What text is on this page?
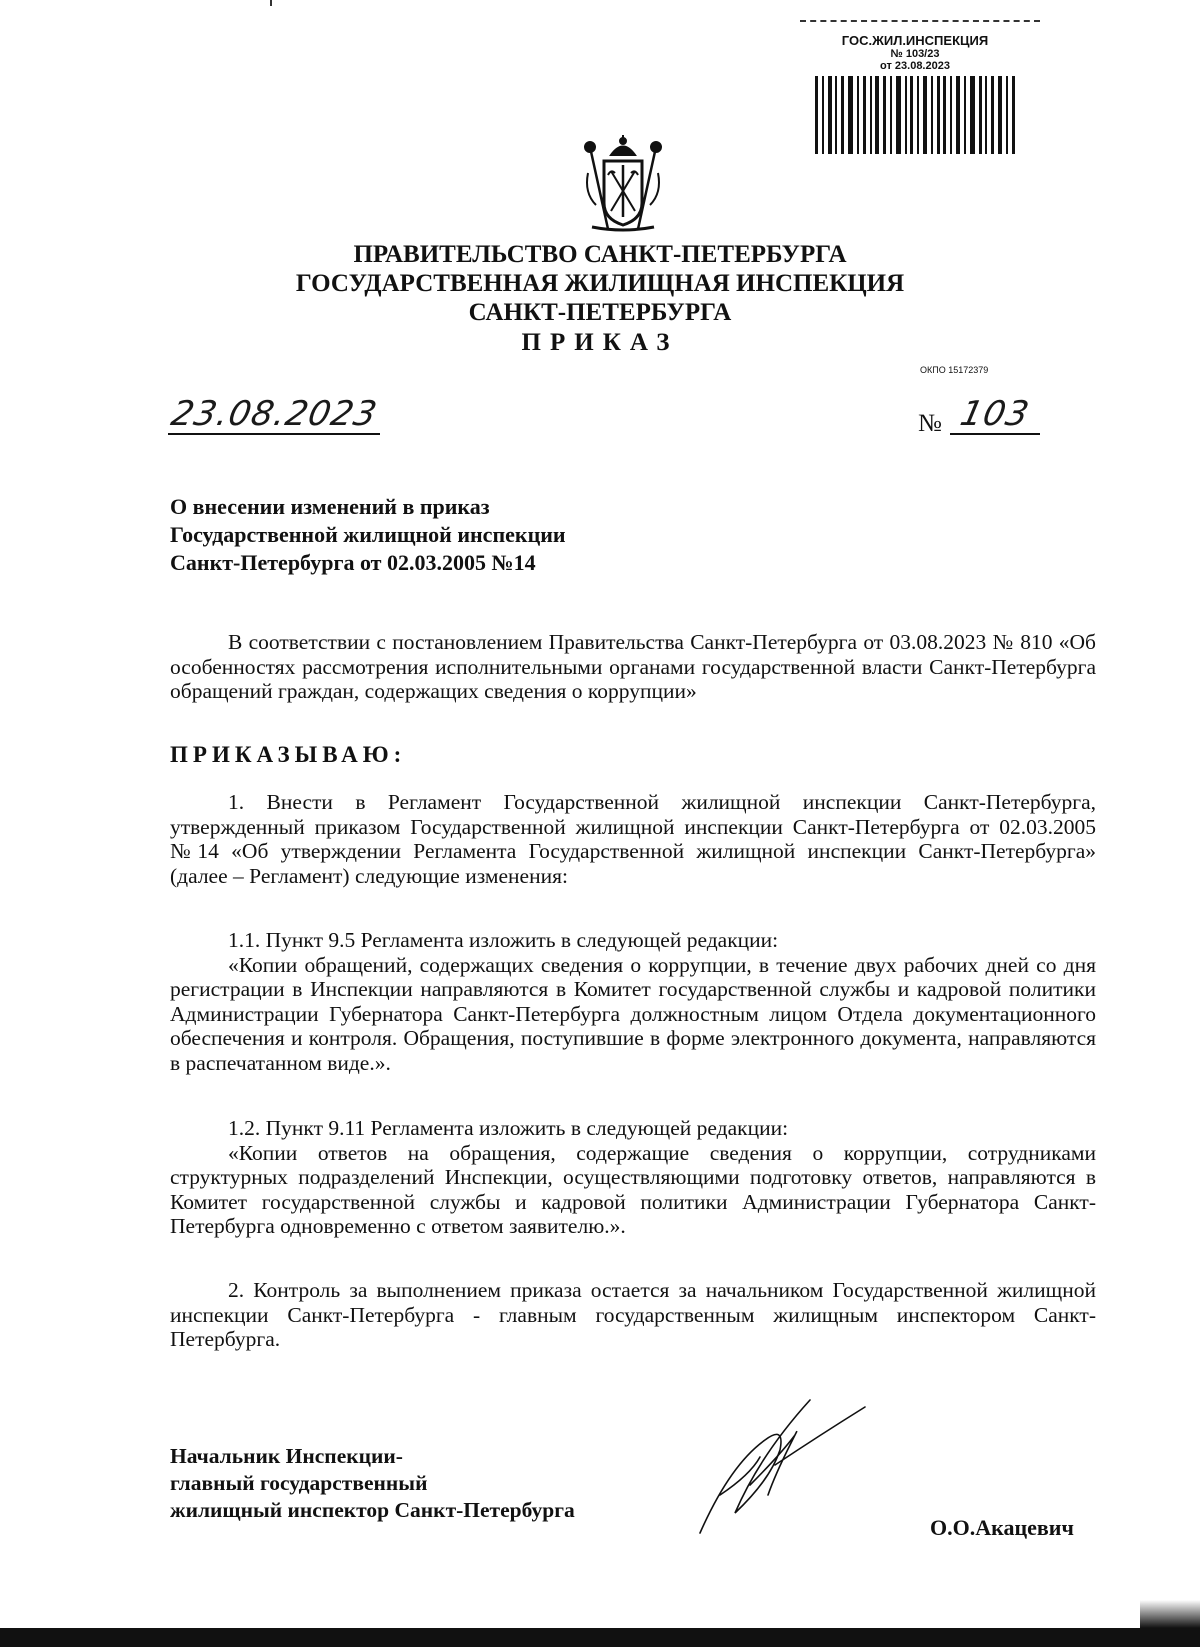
ГОС.ЖИЛ.ИНСПЕКЦИЯ
№ 103/23
от 23.08.2023
ПРАВИТЕЛЬСТВО САНКТ-ПЕТЕРБУРГА
ГОСУДАРСТВЕННАЯ ЖИЛИЩНАЯ ИНСПЕКЦИЯ
САНКТ-ПЕТЕРБУРГА
ПРИКАЗ
ОКПО 15172379
23.08.2023	№ 103
О внесении изменений в приказ
Государственной жилищной инспекции
Санкт-Петербурга от 02.03.2005 №14
В соответствии с постановлением Правительства Санкт-Петербурга от 03.08.2023 № 810 «Об особенностях рассмотрения исполнительными органами государственной власти Санкт-Петербурга обращений граждан, содержащих сведения о коррупции»
ПРИКАЗЫВАЮ:
1. Внести в Регламент Государственной жилищной инспекции Санкт-Петербурга, утвержденный приказом Государственной жилищной инспекции Санкт-Петербурга от 02.03.2005 №14 «Об утверждении Регламента Государственной жилищной инспекции Санкт-Петербурга» (далее – Регламент) следующие изменения:
1.1. Пункт 9.5 Регламента изложить в следующей редакции:
«Копии обращений, содержащих сведения о коррупции, в течение двух рабочих дней со дня регистрации в Инспекции направляются в Комитет государственной службы и кадровой политики Администрации Губернатора Санкт-Петербурга должностным лицом Отдела документационного обеспечения и контроля. Обращения, поступившие в форме электронного документа, направляются в распечатанном виде.».
1.2. Пункт 9.11 Регламента изложить в следующей редакции:
«Копии ответов на обращения, содержащие сведения о коррупции, сотрудниками структурных подразделений Инспекции, осуществляющими подготовку ответов, направляются в Комитет государственной службы и кадровой политики Администрации Губернатора Санкт-Петербурга одновременно с ответом заявителю.».
2. Контроль за выполнением приказа остается за начальником Государственной жилищной инспекции Санкт-Петербурга - главным государственным жилищным инспектором Санкт-Петербурга.
Начальник Инспекции-
главный государственный
жилищный инспектор Санкт-Петербурга
О.О.Акацевич
